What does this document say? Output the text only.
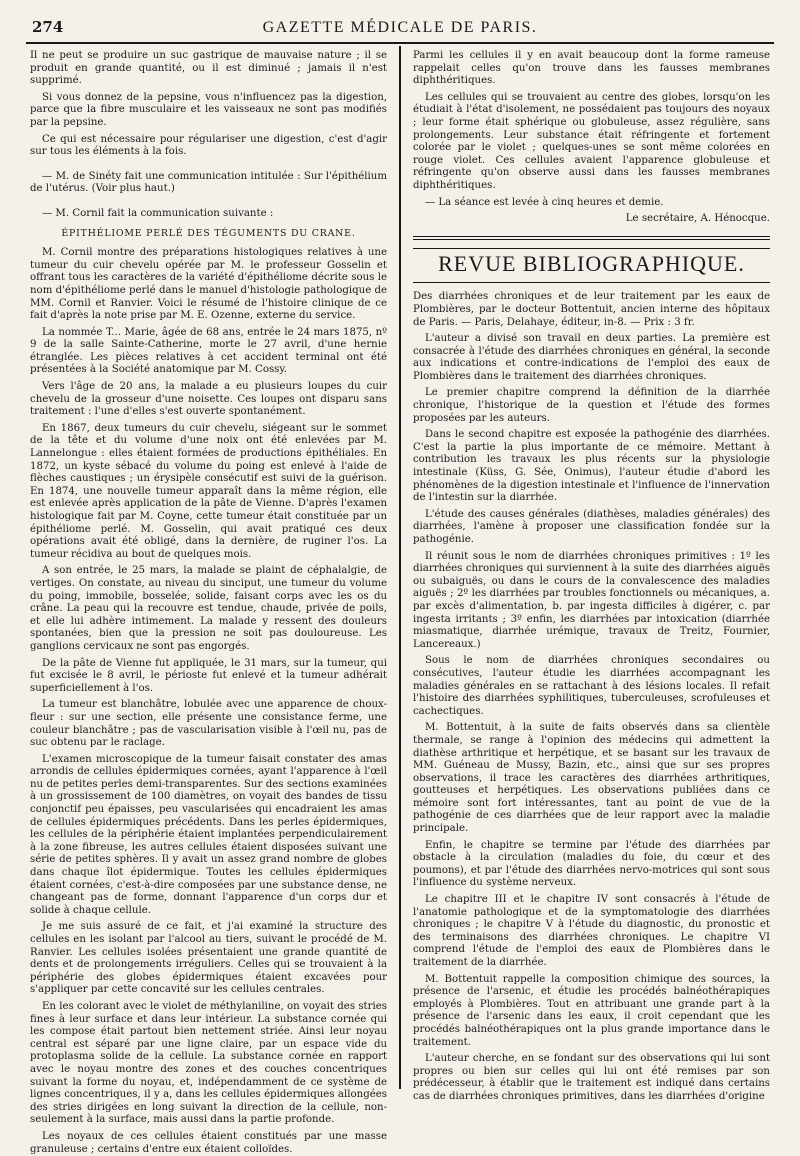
274	GAZETTE MÉDICALE DE PARIS.

Il ne peut se produire un suc gastrique de mauvaise nature ; il se produit en grande quantité, ou il est diminué ; jamais il n'est supprimé.

Si vous donnez de la pepsine, vous n'influencez pas la digestion, parce que la fibre musculaire et les vaisseaux ne sont pas modifiés par la pepsine.

Ce qui est nécessaire pour régulariser une digestion, c'est d'agir sur tous les éléments à la fois.

— M. de Sinéty fait une communication intitulée : Sur l'épithélium de l'utérus. (Voir plus haut.)

— M. Cornil fait la communication suivante :

ÉPITHÉLIOME PERLÉ DES TÉGUMENTS DU CRANE.

M. Cornil montre des préparations histologiques relatives à une tumeur du cuir chevelu opérée par M. le professeur Gosselin et offrant tous les caractères de la variété d'épithéliome décrite sous le nom d'épithéliome perlé dans le manuel d'histologie pathologique de MM. Cornil et Ranvier. Voici le résumé de l'histoire clinique de ce fait d'après la note prise par M. E. Ozenne, externe du service.

La nommée T... Marie, âgée de 68 ans, entrée le 24 mars 1875, nº 9 de la salle Sainte-Catherine, morte le 27 avril, d'une hernie étranglée. Les pièces relatives à cet accident terminal ont été présentées à la Société anatomique par M. Cossy.

Vers l'âge de 20 ans, la malade a eu plusieurs loupes du cuir chevelu de la grosseur d'une noisette. Ces loupes ont disparu sans traitement : l'une d'elles s'est ouverte spontanément.

En 1867, deux tumeurs du cuir chevelu, siégeant sur le sommet de la tête et du volume d'une noix ont été enlevées par M. Lannelongue : elles étaient formées de productions épithéliales. En 1872, un kyste sébacé du volume du poing est enlevé à l'aide de flèches caustiques ; un érysipèle consécutif est suivi de la guérison. En 1874, une nouvelle tumeur apparaît dans la même région, elle est enlevée après application de la pâte de Vienne. D'après l'examen histologique fait par M. Coyne, cette tumeur était constituée par un épithéliome perlé. M. Gosselin, qui avait pratiqué ces deux opérations avait été obligé, dans la dernière, de ruginer l'os. La tumeur récidiva au bout de quelques mois.

A son entrée, le 25 mars, la malade se plaint de céphalalgie, de vertiges. On constate, au niveau du sinciput, une tumeur du volume du poing, immobile, bosselée, solide, faisant corps avec les os du crâne. La peau qui la recouvre est tendue, chaude, privée de poils, et elle lui adhère intimement. La malade y ressent des douleurs spontanées, bien que la pression ne soit pas douloureuse. Les ganglions cervicaux ne sont pas engorgés.

De la pâte de Vienne fut appliquée, le 31 mars, sur la tumeur, qui fut excisée le 8 avril, le périoste fut enlevé et la tumeur adhérait superficiellement à l'os.

La tumeur est blanchâtre, lobulée avec une apparence de choux-fleur : sur une section, elle présente une consistance ferme, une couleur blanchâtre ; pas de vascularisation visible à l'œil nu, pas de suc obtenu par le raclage.

L'examen microscopique de la tumeur faisait constater des amas arrondis de cellules épidermiques cornées, ayant l'apparence à l'œil nu de petites perles demi-transparentes. Sur des sections examinées à un grossissement de 100 diamètres, on voyait des bandes de tissu conjonctif peu épaisses, peu vascularisées qui encadraient les amas de cellules épidermiques précédents. Dans les perles épidermiques, les cellules de la périphérie étaient implantées perpendiculairement à la zone fibreuse, les autres cellules étaient disposées suivant une série de petites sphères. Il y avait un assez grand nombre de globes dans chaque îlot épidermique. Toutes les cellules épidermiques étaient cornées, c'est-à-dire composées par une substance dense, ne changeant pas de forme, donnant l'apparence d'un corps dur et solide à chaque cellule.

Je me suis assuré de ce fait, et j'ai examiné la structure des cellules en les isolant par l'alcool au tiers, suivant le procédé de M. Ranvier. Les cellules isolées présentaient une grande quantité de dents et de prolongements irréguliers. Celles qui se trouvaient à la périphérie des globes épidermiques étaient excavées pour s'appliquer par cette concavité sur les cellules centrales.

En les colorant avec le violet de méthylaniline, on voyait des stries fines à leur surface et dans leur intérieur. La substance cornée qui les compose était partout bien nettement striée. Ainsi leur noyau central est séparé par une ligne claire, par un espace vide du protoplasma solide de la cellule. La substance cornée en rapport avec le noyau montre des zones et des couches concentriques suivant la forme du noyau, et, indépendamment de ce système de lignes concentriques, il y a, dans les cellules épidermiques allongées des stries dirigées en long suivant la direction de la cellule, non-seulement à la surface, mais aussi dans la partie profonde.

Les noyaux de ces cellules étaient constitués par une masse granuleuse ; certains d'entre eux étaient colloïdes.

Parmi les cellules il y en avait beaucoup dont la forme rameuse rappelait celles qu'on trouve dans les fausses membranes diphthéritiques.

Les cellules qui se trouvaient au centre des globes, lorsqu'on les étudiait à l'état d'isolement, ne possédaient pas toujours des noyaux ; leur forme était sphérique ou globuleuse, assez régulière, sans prolongements. Leur substance était réfringente et fortement colorée par le violet ; quelques-unes se sont même colorées en rouge violet. Ces cellules avaient l'apparence globuleuse et réfringente qu'on observe aussi dans les fausses membranes diphthéritiques.

— La séance est levée à cinq heures et demie.

Le secrétaire, A. Hénocque.

REVUE BIBLIOGRAPHIQUE.

Des diarrhées chroniques et de leur traitement par les eaux de Plombières, par le docteur Bottentuit, ancien interne des hôpitaux de Paris. — Paris, Delahaye, éditeur, in-8. — Prix : 3 fr.

L'auteur a divisé son travail en deux parties. La première est consacrée à l'étude des diarrhées chroniques en général, la seconde aux indications et contre-indications de l'emploi des eaux de Plombières dans le traitement des diarrhées chroniques.

Le premier chapitre comprend la définition de la diarrhée chronique, l'historique de la question et l'étude des formes proposées par les auteurs.

Dans le second chapitre est exposée la pathogénie des diarrhées. C'est la partie la plus importante de ce mémoire. Mettant à contribution les travaux les plus récents sur la physiologie intestinale (Küss, G. Sée, Onimus), l'auteur étudie d'abord les phénomènes de la digestion intestinale et l'influence de l'innervation de l'intestin sur la diarrhée.

L'étude des causes générales (diathèses, maladies générales) des diarrhées, l'amène à proposer une classification fondée sur la pathogénie.

Il réunit sous le nom de diarrhées chroniques primitives : 1º les diarrhées chroniques qui surviennent à la suite des diarrhées aiguës ou subaiguës, ou dans le cours de la convalescence des maladies aiguës ; 2º les diarrhées par troubles fonctionnels ou mécaniques, a. par excès d'alimentation, b. par ingesta difficiles à digérer, c. par ingesta irritants ; 3º enfin, les diarrhées par intoxication (diarrhée miasmatique, diarrhée urémique, travaux de Treitz, Fournier, Lancereaux.)

Sous le nom de diarrhées chroniques secondaires ou consécutives, l'auteur étudie les diarrhées accompagnant les maladies générales en se rattachant à des lésions locales. Il refait l'histoire des diarrhées syphilitiques, tuberculeuses, scrofuleuses et cachectiques.

M. Bottentuit, à la suite de faits observés dans sa clientèle thermale, se range à l'opinion des médecins qui admettent la diathèse arthritique et herpétique, et se basant sur les travaux de MM. Guéneau de Mussy, Bazin, etc., ainsi que sur ses propres observations, il trace les caractères des diarrhées arthritiques, goutteuses et herpétiques. Les observations publiées dans ce mémoire sont fort intéressantes, tant au point de vue de la pathogénie de ces diarrhées que de leur rapport avec la maladie principale.

Enfin, le chapitre se termine par l'étude des diarrhées par obstacle à la circulation (maladies du foie, du cœur et des poumons), et par l'étude des diarrhées nervo-motrices qui sont sous l'influence du système nerveux.

Le chapitre III et le chapitre IV sont consacrés à l'étude de l'anatomie pathologique et de la symptomatologie des diarrhées chroniques ; le chapitre V à l'étude du diagnostic, du pronostic et des terminaisons des diarrhées chroniques. Le chapitre VI comprend l'étude de l'emploi des eaux de Plombières dans le traitement de la diarrhée.

M. Bottentuit rappelle la composition chimique des sources, la présence de l'arsenic, et étudie les procédés balnéothérapiques employés à Plombières. Tout en attribuant une grande part à la présence de l'arsenic dans les eaux, il croit cependant que les procédés balnéothérapiques ont la plus grande importance dans le traitement.

L'auteur cherche, en se fondant sur des observations qui lui sont propres ou bien sur celles qui lui ont été remises par son prédécesseur, à établir que le traitement est indiqué dans certains cas de diarrhées chroniques primitives, dans les diarrhées d'origine
